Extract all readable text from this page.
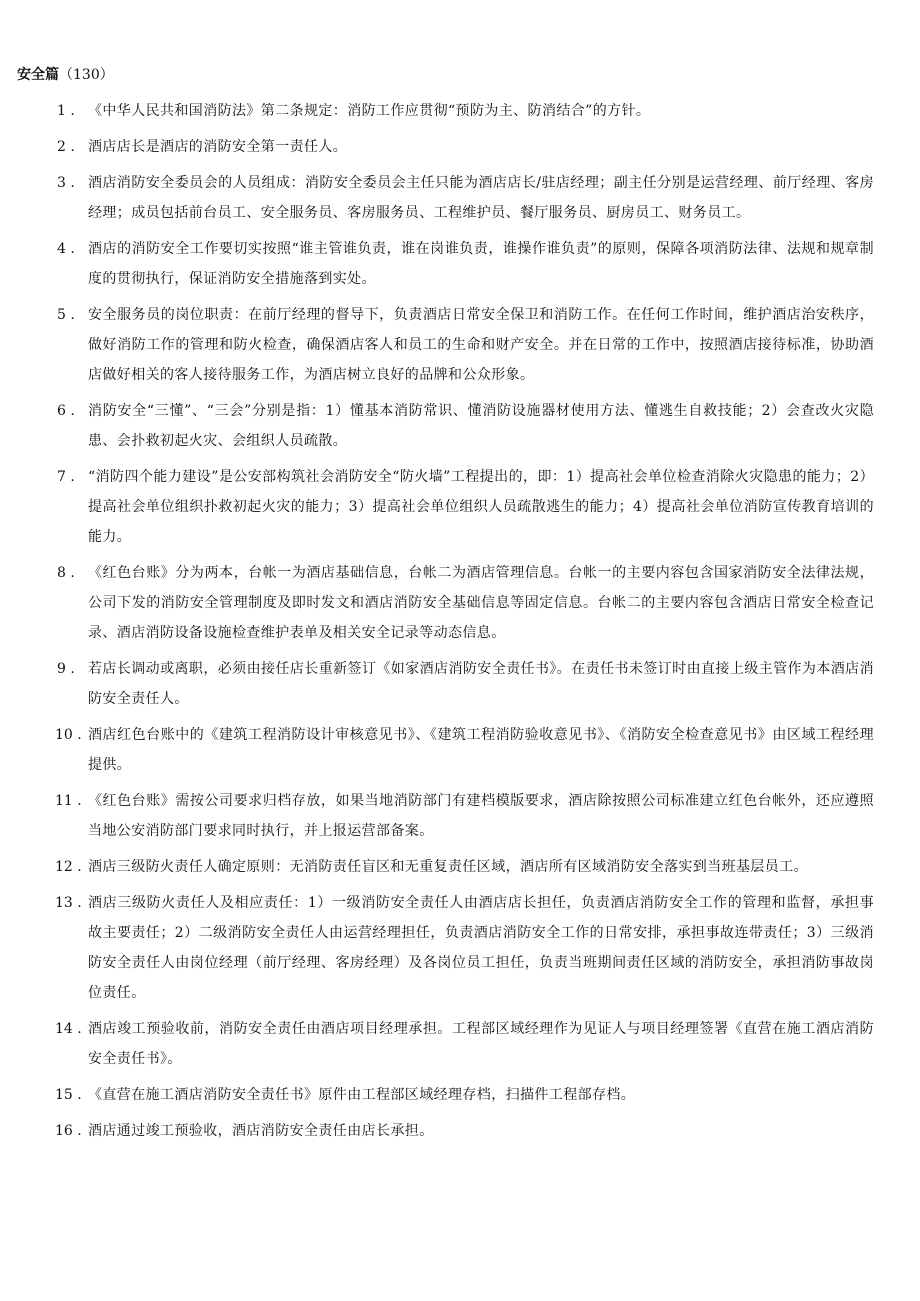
安全篇（130）
1 . 《中华人民共和国消防法》第二条规定：消防工作应贯彻“预防为主、防消结合”的方针。
2 . 酒店店长是酒店的消防安全第一责任人。
3 . 酒店消防安全委员会的人员组成：消防安全委员会主任只能为酒店店长/驻店经理；副主任分别是运营经理、前厅经理、客房经理；成员包括前台员工、安全服务员、客房服务员、工程维护员、餐厅服务员、厨房员工、财务员工。
4 . 酒店的消防安全工作要切实按照“谁主管谁负责，谁在岗谁负责，谁操作谁负责”的原则，保障各项消防法律、法规和规章制度的贯彻执行，保证消防安全措施落到实处。
5 . 安全服务员的岗位职责：在前厅经理的督导下，负责酒店日常安全保卫和消防工作。在任何工作时间，维护酒店治安秩序，做好消防工作的管理和防火检查，确保酒店客人和员工的生命和财产安全。并在日常的工作中，按照酒店接待标准，协助酒店做好相关的客人接待服务工作，为酒店树立良好的品牌和公众形象。
6 . 消防安全“三懂”、“三会”分别是指：1）懂基本消防常识、懂消防设施器材使用方法、懂逃生自救技能；2）会查改火灾隐患、会扑救初起火灾、会组织人员疏散。
7 . “消防四个能力建设”是公安部构筑社会消防安全“防火墙”工程提出的，即：1）提高社会单位检查消除火灾隐患的能力；2）提高社会单位组织扑救初起火灾的能力；3）提高社会单位组织人员疏散逃生的能力；4）提高社会单位消防宣传教育培训的能力。
8 . 《红色台账》分为两本，台帐一为酒店基础信息，台帐二为酒店管理信息。台帐一的主要内容包含国家消防安全法律法规，公司下发的消防安全管理制度及即时发文和酒店消防安全基础信息等固定信息。台帐二的主要内容包含酒店日常安全检查记录、酒店消防设备设施检查维护表单及相关安全记录等动态信息。
9 . 若店长调动或离职，必须由接任店长重新签订《如家酒店消防安全责任书》。在责任书未签订时由直接上级主管作为本酒店消防安全责任人。
10 . 酒店红色台账中的《建筑工程消防设计审核意见书》、《建筑工程消防验收意见书》、《消防安全检查意见书》由区域工程经理提供。
11 . 《红色台账》需按公司要求归档存放，如果当地消防部门有建档模版要求，酒店除按照公司标准建立红色台帐外，还应遵照当地公安消防部门要求同时执行，并上报运营部备案。
12 . 酒店三级防火责任人确定原则：无消防责任盲区和无重复责任区域，酒店所有区域消防安全落实到当班基层员工。
13 . 酒店三级防火责任人及相应责任：1）一级消防安全责任人由酒店店长担任，负责酒店消防安全工作的管理和监督，承担事故主要责任；2）二级消防安全责任人由运营经理担任，负责酒店消防安全工作的日常安排，承担事故连带责任；3）三级消防安全责任人由岗位经理（前厅经理、客房经理）及各岗位员工担任，负责当班期间责任区域的消防安全，承担消防事故岗位责任。
14 . 酒店竣工预验收前，消防安全责任由酒店项目经理承担。工程部区域经理作为见证人与项目经理签署《直营在施工酒店消防安全责任书》。
15 . 《直营在施工酒店消防安全责任书》原件由工程部区域经理存档，扫描件工程部存档。
16 . 酒店通过竣工预验收，酒店消防安全责任由店长承担。
